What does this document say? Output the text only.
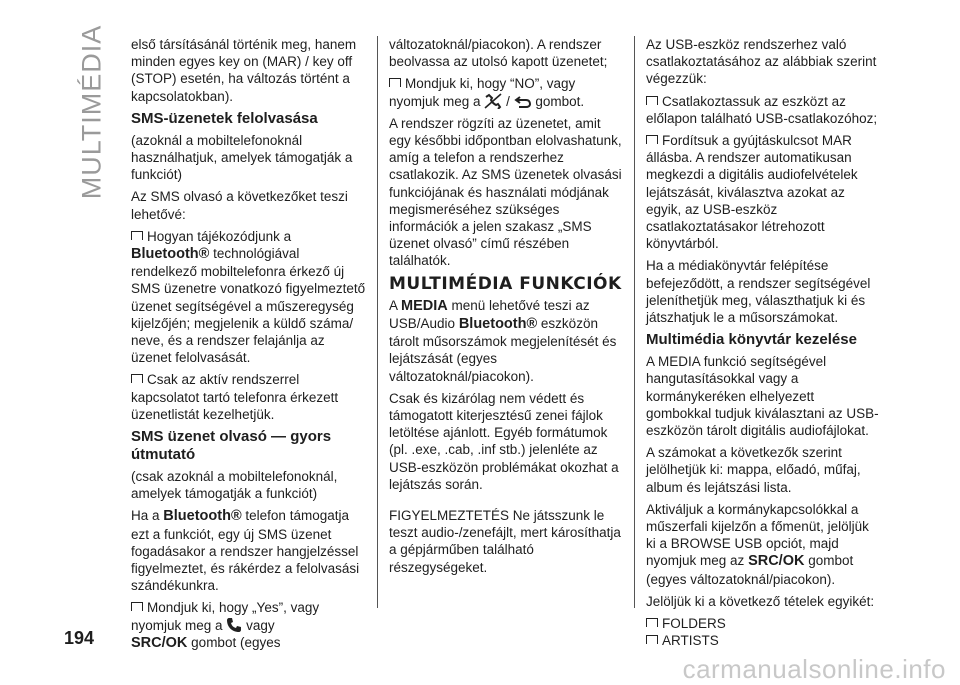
MULTIMÉDIA első társításánál történik meg, hanem minden egyes key on (MAR) / key off (STOP) esetén, ha változás történt a kapcsolatokban).

SMS-üzenetek felolvasása

(azoknál a mobiltelefonoknál használhatjuk, amelyek támogatják a funkciót)

Az SMS olvasó a következőket teszi lehetővé:

Hogyan tájékozódjunk a Bluetooth® technológiával rendelkező mobiltelefonra érkező új SMS üzenetre vonatkozó figyelmeztető üzenet segítségével a műszeregység kijelzőjén; megjelenik a küldő száma/ neve, és a rendszer felajánlja az üzenet felolvasását.

Csak az aktív rendszerrel kapcsolatot tartó telefonra érkezett üzenetlistát kezelhetjük.

SMS üzenet olvasó — gyors útmutató

(csak azoknál a mobiltelefonoknál, amelyek támogatják a funkciót)

Ha a Bluetooth® telefon támogatja ezt a funkciót, egy új SMS üzenet fogadásakor a rendszer hangjelzéssel figyelmeztet, és rákérdez a felolvasási szándékunkra.

Mondjuk ki, hogy „Yes”, vagy nyomjuk meg a vagy
SRC/OK gombot (egyes

változatoknál/piacokon). A rendszer beolvassa az utolsó kapott üzenetet;

Mondjuk ki, hogy “NO”, vagy nyomjuk meg a / gombot.

A rendszer rögzíti az üzenetet, amit egy későbbi időpontban elolvashatunk, amíg a telefon a rendszerhez csatlakozik. Az SMS üzenetek olvasási funkciójának és használati módjának megismeréséhez szükséges információk a jelen szakasz „SMS üzenet olvasó” című részében találhatók.

MULTIMÉDIA FUNKCIÓK

A MEDIA menü lehetővé teszi az USB/Audio Bluetooth® eszközön tárolt műsorszámok megjelenítését és lejátszását (egyes változatoknál/piacokon).

Csak és kizárólag nem védett és támogatott kiterjesztésű zenei fájlok letöltése ajánlott. Egyéb formátumok (pl. .exe, .cab, .inf stb.) jelenléte az USB-eszközön problémákat okozhat a lejátszás során.

FIGYELMEZTETÉS Ne játsszunk le teszt audio-/zenefájlt, mert károsíthatja a gépjárműben található részegységeket.

Az USB-eszköz rendszerhez való csatlakoztatásához az alábbiak szerint végezzük:

Csatlakoztassuk az eszközt az előlapon található USB-csatlakozóhoz;

Fordítsuk a gyújtáskulcsot MAR állásba. A rendszer automatikusan megkezdi a digitális audiofelvételek lejátszását, kiválasztva azokat az egyik, az USB-eszköz csatlakoztatásakor létrehozott könyvtárból.

Ha a médiakönyvtár felépítése befejeződött, a rendszer segítségével jeleníthetjük meg, választhatjuk ki és játszhatjuk le a műsorszámokat.

Multimédia könyvtár kezelése

A MEDIA funkció segítségével hangutasításokkal vagy a kormánykeréken elhelyezett gombokkal tudjuk kiválasztani az USB-eszközön tárolt digitális audiofájlokat.

A számokat a következők szerint jelölhetjük ki: mappa, előadó, műfaj, album és lejátszási lista.

Aktiváljuk a kormánykapcsolókkal a műszerfali kijelzőn a főmenüt, jelöljük ki a BROWSE USB opciót, majd nyomjuk meg az SRC/OK gombot (egyes változatoknál/piacokon).

Jelöljük ki a következő tételek egyikét:

FOLDERS

ARTISTS

194
carmanualsonline.info
